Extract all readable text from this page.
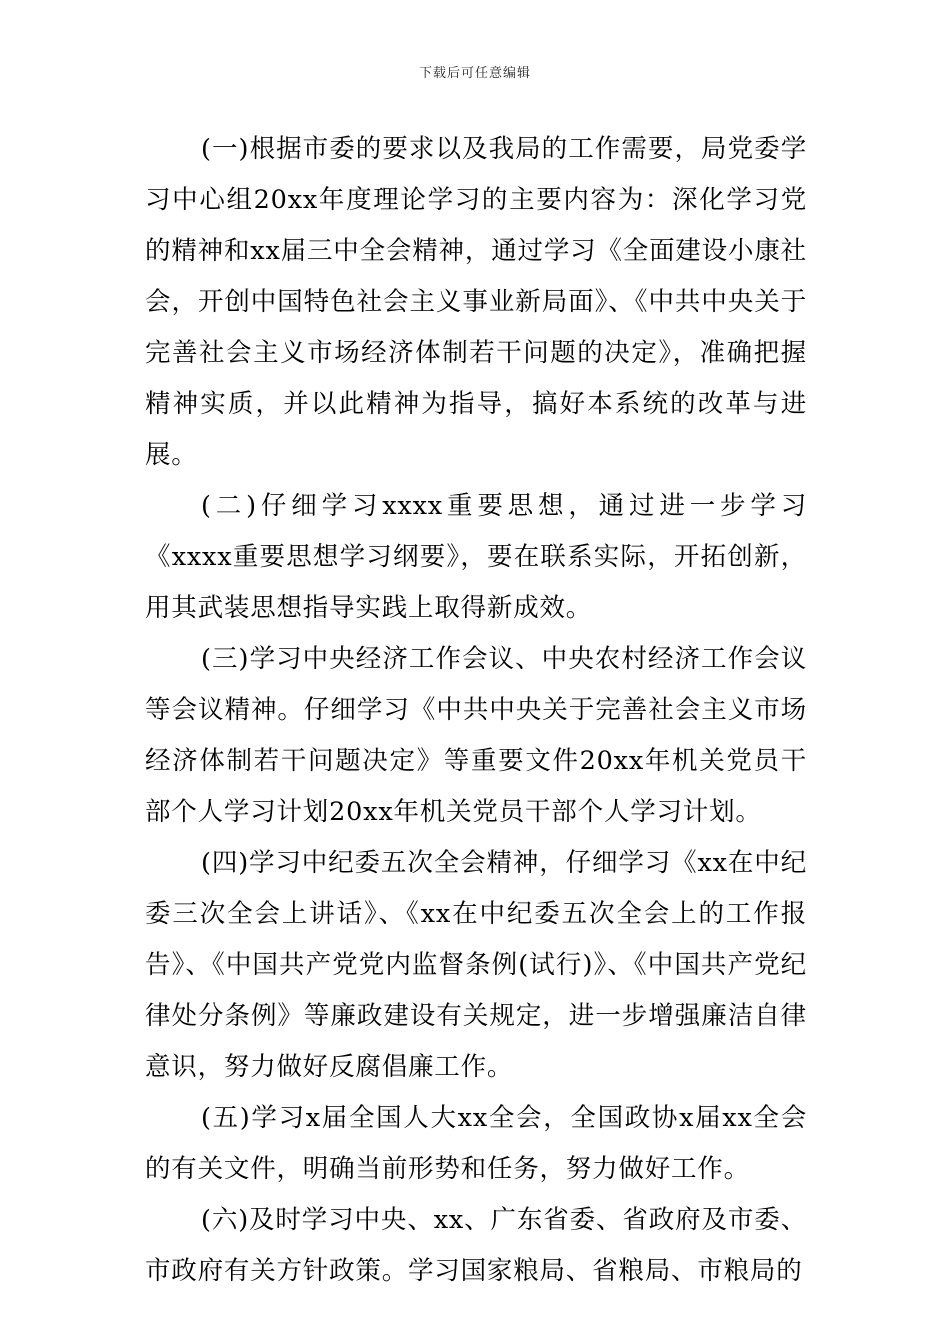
下载后可任意编辑

(一)根据市委的要求以及我局的工作需要，局党委学习中心组20xx年度理论学习的主要内容为：深化学习党的精神和xx届三中全会精神，通过学习《全面建设小康社会，开创中国特色社会主义事业新局面》、《中共中央关于完善社会主义市场经济体制若干问题的决定》，准确把握精神实质，并以此精神为指导，搞好本系统的改革与进展。

(二)仔细学习xxxx重要思想，通过进一步学习《xxxx重要思想学习纲要》，要在联系实际，开拓创新，用其武装思想指导实践上取得新成效。

(三)学习中央经济工作会议、中央农村经济工作会议等会议精神。仔细学习《中共中央关于完善社会主义市场经济体制若干问题决定》等重要文件20xx年机关党员干部个人学习计划20xx年机关党员干部个人学习计划。

(四)学习中纪委五次全会精神，仔细学习《xx在中纪委三次全会上讲话》、《xx在中纪委五次全会上的工作报告》、《中国共产党党内监督条例(试行)》、《中国共产党纪律处分条例》等廉政建设有关规定，进一步增强廉洁自律意识，努力做好反腐倡廉工作。

(五)学习x届全国人大xx全会，全国政协x届xx全会的有关文件，明确当前形势和任务，努力做好工作。

(六)及时学习中央、xx、广东省委、省政府及市委、市政府有关方针政策。学习国家粮局、省粮局、市粮局的
